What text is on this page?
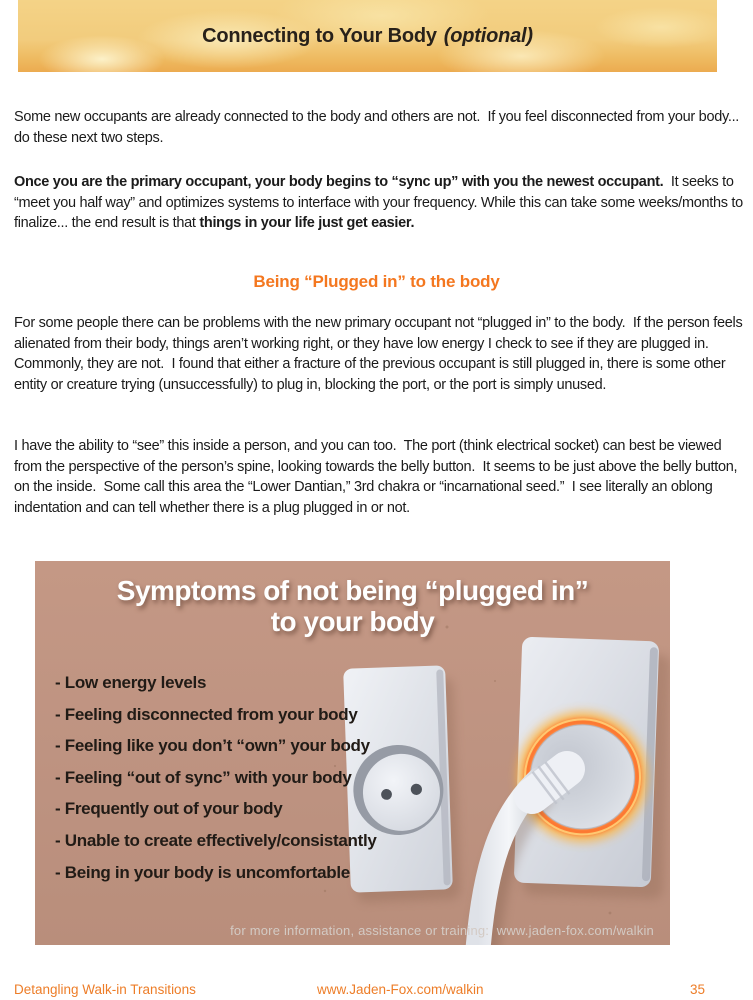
Connecting to Your Body (optional)

Some new occupants are already connected to the body and others are not.  If you feel disconnected from your body... do these next two steps.

Once you are the primary occupant, your body begins to “sync up” with you the newest occupant.  It seeks to “meet you half way” and optimizes systems to interface with your frequency. While this can take some weeks/months to finalize... the end result is that things in your life just get easier.

Being “Plugged in” to the body

For some people there can be problems with the new primary occupant not “plugged in” to the body.  If the person feels alienated from their body, things aren’t working right, or they have low energy I check to see if they are plugged in. Commonly, they are not.  I found that either a fracture of the previous occupant is still plugged in, there is some other entity or creature trying (unsuccessfully) to plug in, blocking the port, or the port is simply unused.

I have the ability to “see” this inside a person, and you can too.  The port (think electrical socket) can best be viewed from the perspective of the person’s spine, looking towards the belly button.  It seems to be just above the belly button, on the inside.  Some call this area the “Lower Dantian,” 3rd chakra or “incarnational seed.”  I see literally an oblong indentation and can tell whether there is a plug plugged in or not.

Symptoms of not being “plugged in”
to your body
- Low energy levels
- Feeling disconnected from your body
- Feeling like you don’t “own” your body
- Feeling “out of sync” with your body
- Frequently out of your body
- Unable to create effectively/consistantly
- Being in your body is uncomfortable
for more information, assistance or training:  www.jaden-fox.com/walkin
Detangling Walk-in Transitions	www.Jaden-Fox.com/walkin	35
